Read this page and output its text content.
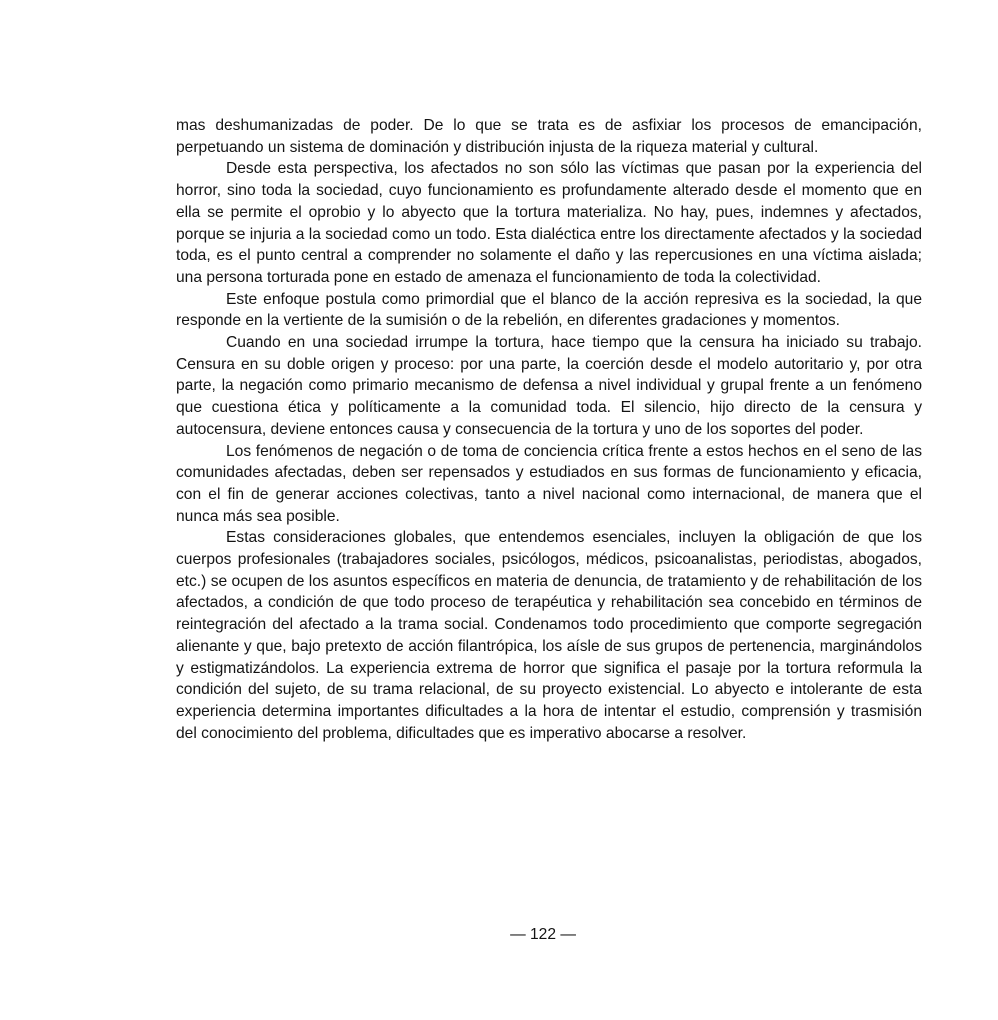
mas deshumanizadas de poder. De lo que se trata es de asfixiar los procesos de emancipación, perpetuando un sistema de dominación y distribución injusta de la riqueza material y cultural.

Desde esta perspectiva, los afectados no son sólo las víctimas que pasan por la experiencia del horror, sino toda la sociedad, cuyo funcionamiento es profundamente alterado desde el momento que en ella se permite el oprobio y lo abyecto que la tortura materializa. No hay, pues, indemnes y afectados, porque se injuria a la sociedad como un todo. Esta dialéctica entre los directamente afectados y la sociedad toda, es el punto central a comprender no solamente el daño y las repercusiones en una víctima aislada; una persona torturada pone en estado de amenaza el funcionamiento de toda la colectividad.

Este enfoque postula como primordial que el blanco de la acción represiva es la sociedad, la que responde en la vertiente de la sumisión o de la rebelión, en diferentes gradaciones y momentos.

Cuando en una sociedad irrumpe la tortura, hace tiempo que la censura ha iniciado su trabajo. Censura en su doble origen y proceso: por una parte, la coerción desde el modelo autoritario y, por otra parte, la negación como primario mecanismo de defensa a nivel individual y grupal frente a un fenómeno que cuestiona ética y políticamente a la comunidad toda. El silencio, hijo directo de la censura y autocensura, deviene entonces causa y consecuencia de la tortura y uno de los soportes del poder.

Los fenómenos de negación o de toma de conciencia crítica frente a estos hechos en el seno de las comunidades afectadas, deben ser repensados y estudiados en sus formas de funcionamiento y eficacia, con el fin de generar acciones colectivas, tanto a nivel nacional como internacional, de manera que el nunca más sea posible.

Estas consideraciones globales, que entendemos esenciales, incluyen la obligación de que los cuerpos profesionales (trabajadores sociales, psicólogos, médicos, psicoanalistas, periodistas, abogados, etc.) se ocupen de los asuntos específicos en materia de denuncia, de tratamiento y de rehabilitación de los afectados, a condición de que todo proceso de terapéutica y rehabilitación sea concebido en términos de reintegración del afectado a la trama social. Condenamos todo procedimiento que comporte segregación alienante y que, bajo pretexto de acción filantrópica, los aísle de sus grupos de pertenencia, marginándolos y estigmatizándolos. La experiencia extrema de horror que significa el pasaje por la tortura reformula la condición del sujeto, de su trama relacional, de su proyecto existencial. Lo abyecto e intolerante de esta experiencia determina importantes dificultades a la hora de intentar el estudio, comprensión y trasmisión del conocimiento del problema, dificultades que es imperativo abocarse a resolver.

— 122 —
